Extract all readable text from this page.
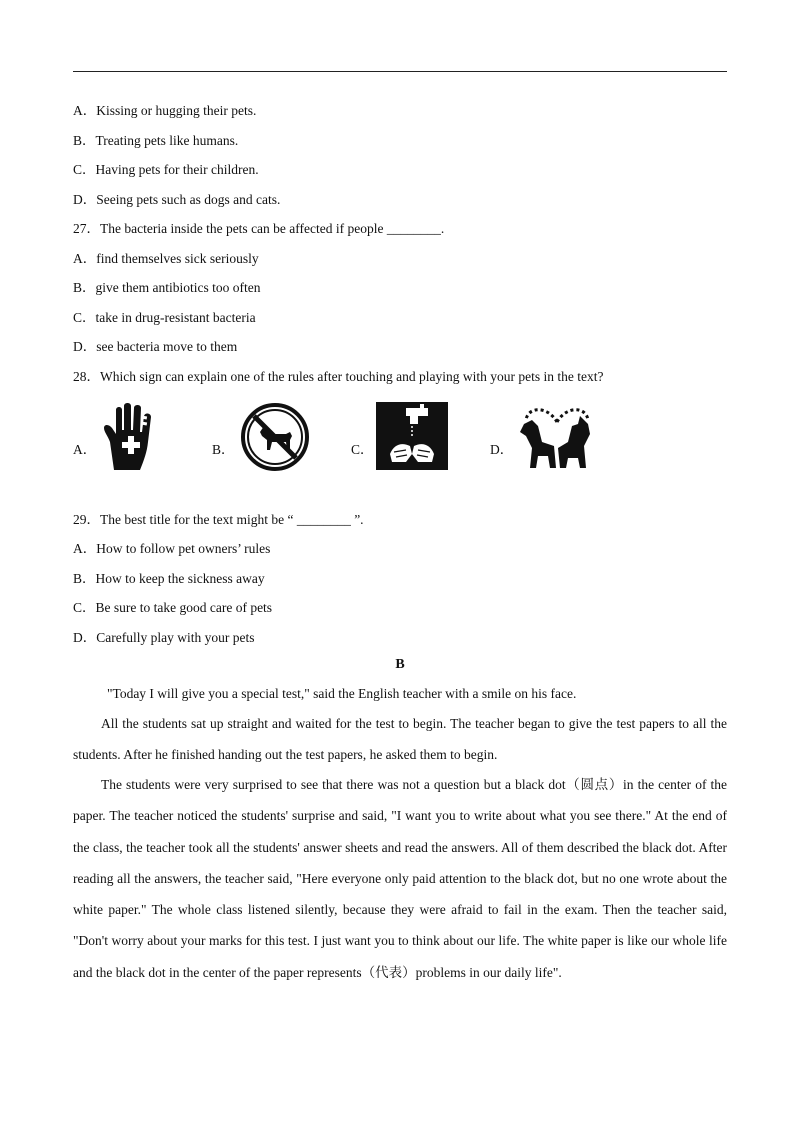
A．Kissing or hugging their pets.
B．Treating pets like humans.
C．Having pets for their children.
D．Seeing pets such as dogs and cats.
27．The bacteria inside the pets can be affected if people ________.
A．find themselves sick seriously
B．give them antibiotics too often
C．take in drug-resistant bacteria
D．see bacteria move to them
28．Which sign can explain one of the rules after touching and playing with your pets in the text?
A．	B．	C．	D．
29．The best title for the text might be “ ________ ”.
A．How to follow pet owners’ rules
B．How to keep the sickness away
C．Be sure to take good care of pets
D．Carefully play with your pets
B
"Today I will give you a special test," said the English teacher with a smile on his face.
All the students sat up straight and waited for the test to begin. The teacher began to give the test papers to all the students. After he finished handing out the test papers, he asked them to begin.
The students were very surprised to see that there was not a question but a black dot（圆点）in the center of the paper. The teacher noticed the students' surprise and said, "I want you to write about what you see there." At the end of the class, the teacher took all the students' answer sheets and read the answers. All of them described the black dot. After reading all the answers, the teacher said, "Here everyone only paid attention to the black dot, but no one wrote about the white paper." The whole class listened silently, because they were afraid to fail in the exam. Then the teacher said, "Don't worry about your marks for this test. I just want you to think about our life. The white paper is like our whole life and the black dot in the center of the paper represents（代表）problems in our daily life".
